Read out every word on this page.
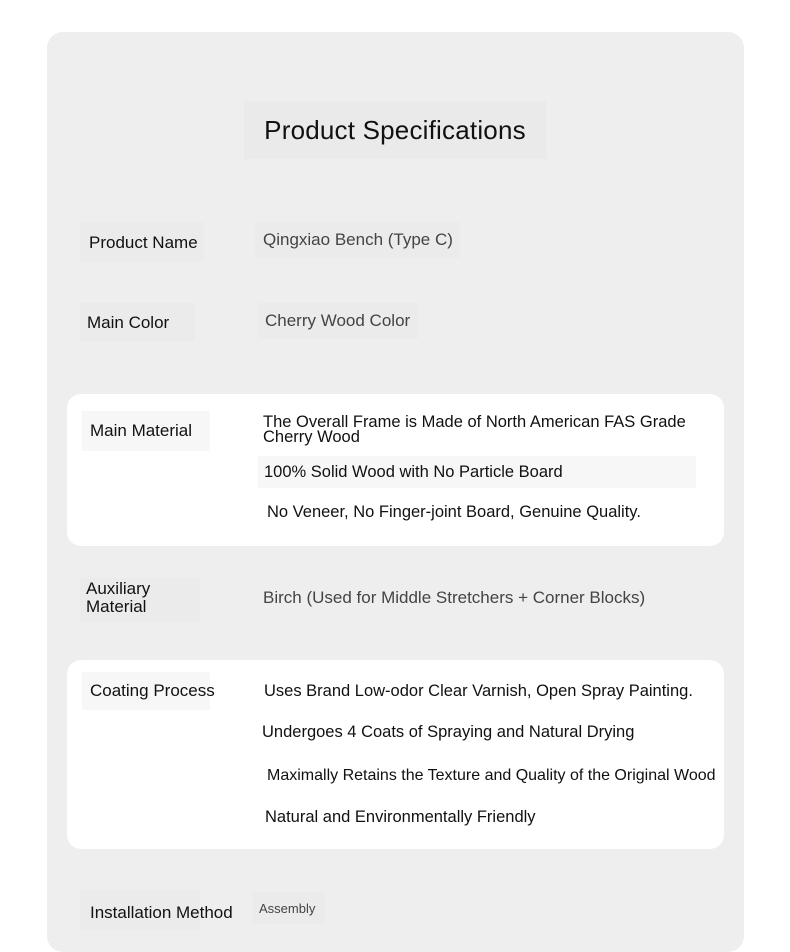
Product Specifications
Product Name	Qingxiao Bench (Type C)
Main Color	Cherry Wood Color
Main Material	The Overall Frame is Made of North American FAS Grade
Cherry Wood
100% Solid Wood with No Particle Board
No Veneer, No Finger-joint Board, Genuine Quality.
Auxiliary
Material	Birch (Used for Middle Stretchers + Corner Blocks)
Coating Process	Uses Brand Low-odor Clear Varnish, Open Spray Painting.
Undergoes 4 Coats of Spraying and Natural Drying
Maximally Retains the Texture and Quality of the Original Wood
Natural and Environmentally Friendly
Installation Method Assembly
